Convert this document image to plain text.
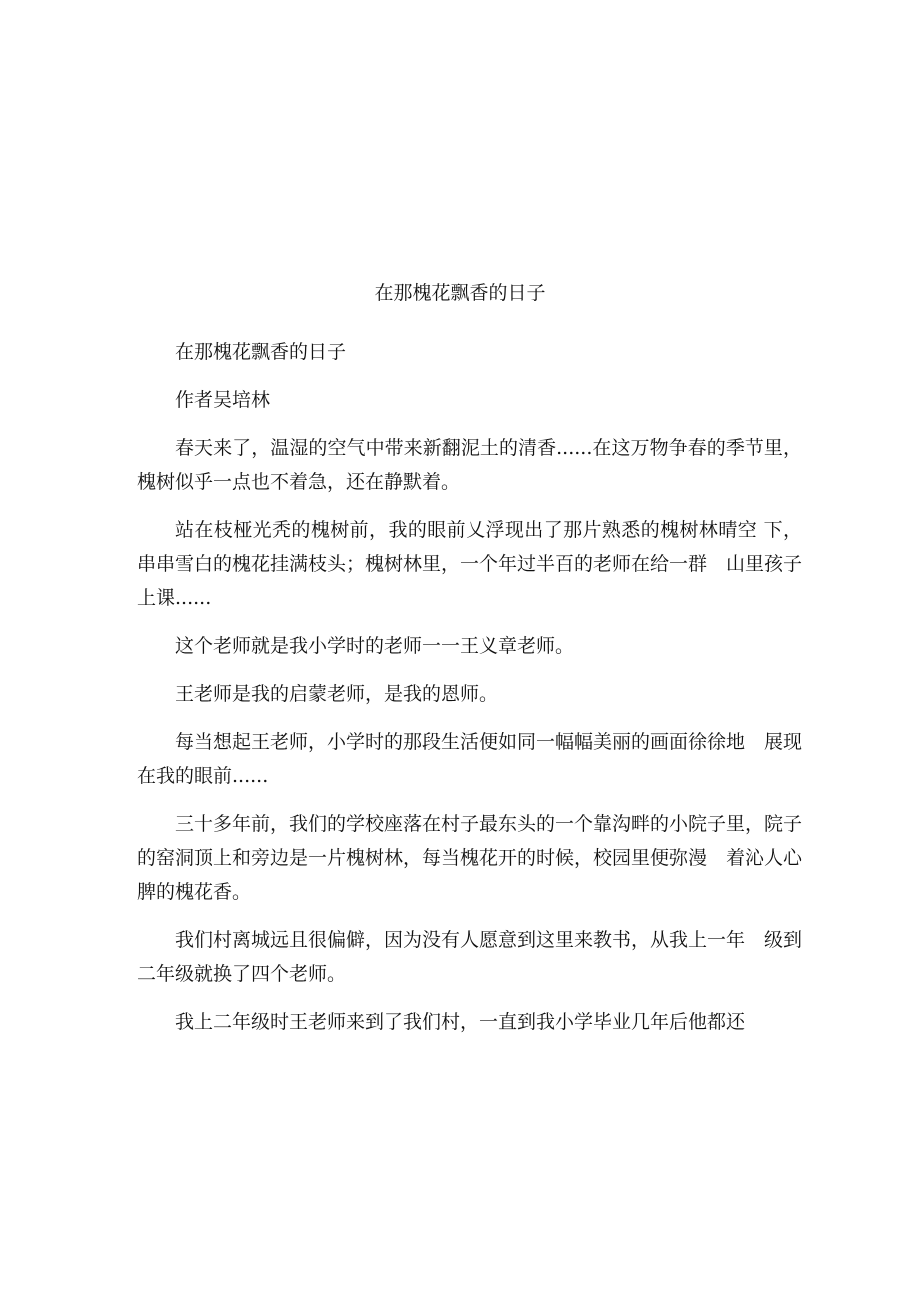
在那槐花飘香的日子

在那槐花飘香的日子

作者吴培林

春天来了，温湿的空气中带来新翻泥土的清香......在这万物争春的季节里，槐树似乎一点也不着急，还在静默着。

站在枝桠光秃的槐树前，我的眼前乂浮现出了那片熟悉的槐树林晴空 下，串串雪白的槐花挂满枝头；槐树林里，一个年过半百的老师在给一群　山里孩子上课......

这个老师就是我小学时的老师一一王义章老师。

王老师是我的启蒙老师，是我的恩师。

每当想起王老师，小学时的那段生活便如同一幅幅美丽的画面徐徐地　展现在我的眼前......

三十多年前，我们的学校座落在村子最东头的一个靠沟畔的小院子里，院子的窑洞顶上和旁边是一片槐树林，每当槐花开的时候，校园里便弥漫　着沁人心脾的槐花香。

我们村离城远且很偏僻，因为没有人愿意到这里来教书，从我上一年　级到二年级就换了四个老师。

我上二年级时王老师来到了我们村，一直到我小学毕业几年后他都还
